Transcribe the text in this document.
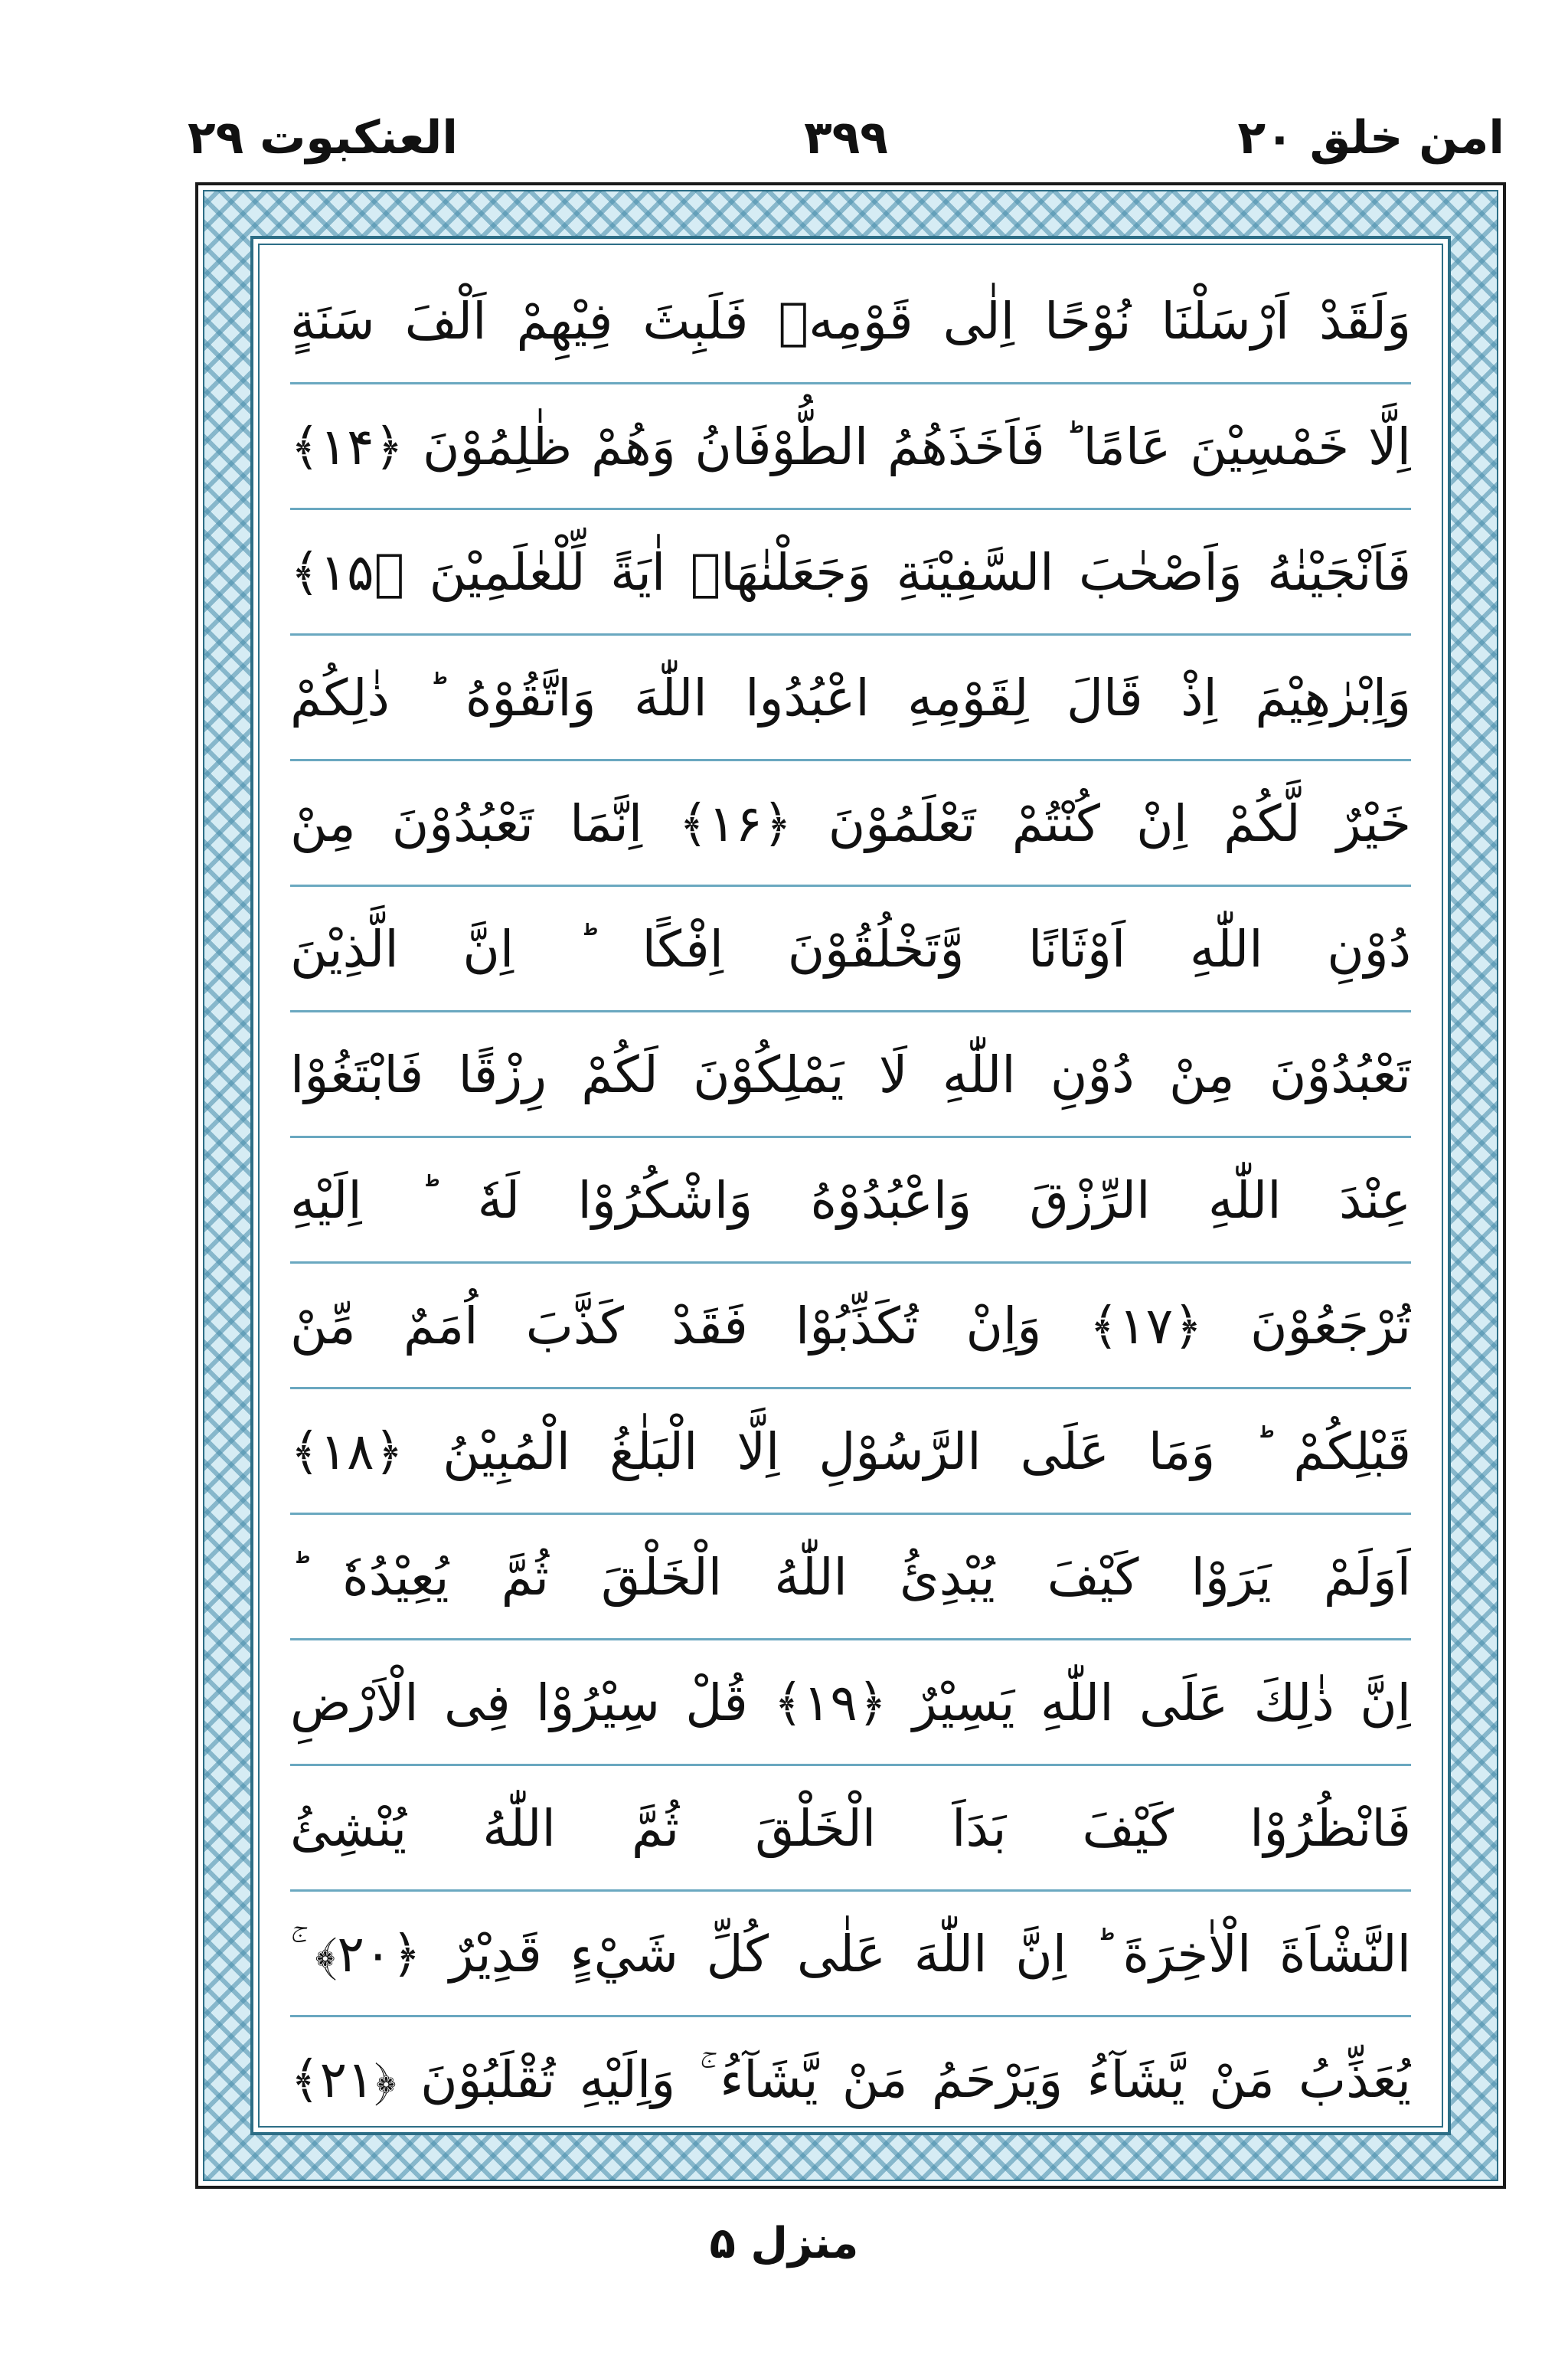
امن خلق ۲۰
۳۹۹
العنکبوت ۲۹
وَلَقَدْ اَرْسَلْنَا نُوْحًا اِلٰى قَوْمِهٖ فَلَبِثَ فِيْهِمْ اَلْفَ سَنَةٍ
اِلَّا خَمْسِيْنَ عَامًا ؕ فَاَخَذَهُمُ الطُّوْفَانُ وَهُمْ ظٰلِمُوْنَ ﴿۱۴﴾
فَاَنْجَيْنٰهُ وَاَصْحٰبَ السَّفِيْنَةِ وَجَعَلْنٰهَاۤ اٰيَةً لِّلْعٰلَمِيْنَ ﴿۱۵﴾
وَاِبْرٰهِيْمَ اِذْ قَالَ لِقَوْمِهِ اعْبُدُوا اللّٰهَ وَاتَّقُوْهُ ؕ ذٰلِكُمْ
خَيْرٌ لَّكُمْ اِنْ كُنْتُمْ تَعْلَمُوْنَ ﴿۱۶﴾ اِنَّمَا تَعْبُدُوْنَ مِنْ
دُوْنِ اللّٰهِ اَوْثَانًا وَّتَخْلُقُوْنَ اِفْكًا ؕ اِنَّ الَّذِيْنَ
تَعْبُدُوْنَ مِنْ دُوْنِ اللّٰهِ لَا يَمْلِكُوْنَ لَكُمْ رِزْقًا فَابْتَغُوْا
عِنْدَ اللّٰهِ الرِّزْقَ وَاعْبُدُوْهُ وَاشْكُرُوْا لَهٗ ؕ اِلَيْهِ
تُرْجَعُوْنَ ﴿۱۷﴾ وَاِنْ تُكَذِّبُوْا فَقَدْ كَذَّبَ اُمَمٌ مِّنْ
قَبْلِكُمْ ؕ وَمَا عَلَى الرَّسُوْلِ اِلَّا الْبَلٰغُ الْمُبِيْنُ ﴿۱۸﴾
اَوَلَمْ يَرَوْا كَيْفَ يُبْدِئُ اللّٰهُ الْخَلْقَ ثُمَّ يُعِيْدُهٗ ؕ
اِنَّ ذٰلِكَ عَلَى اللّٰهِ يَسِيْرٌ ﴿۱۹﴾ قُلْ سِيْرُوْا فِى الْاَرْضِ
فَانْظُرُوْا كَيْفَ بَدَاَ الْخَلْقَ ثُمَّ اللّٰهُ يُنْشِئُ
النَّشْاَةَ الْاٰخِرَةَ ؕ اِنَّ اللّٰهَ عَلٰى كُلِّ شَيْءٍ قَدِيْرٌ ﴿۲۰﴾ ۚ
يُعَذِّبُ مَنْ يَّشَآءُ وَيَرْحَمُ مَنْ يَّشَآءُ ۚ وَاِلَيْهِ تُقْلَبُوْنَ ﴿۲۱﴾
منزل ۵
